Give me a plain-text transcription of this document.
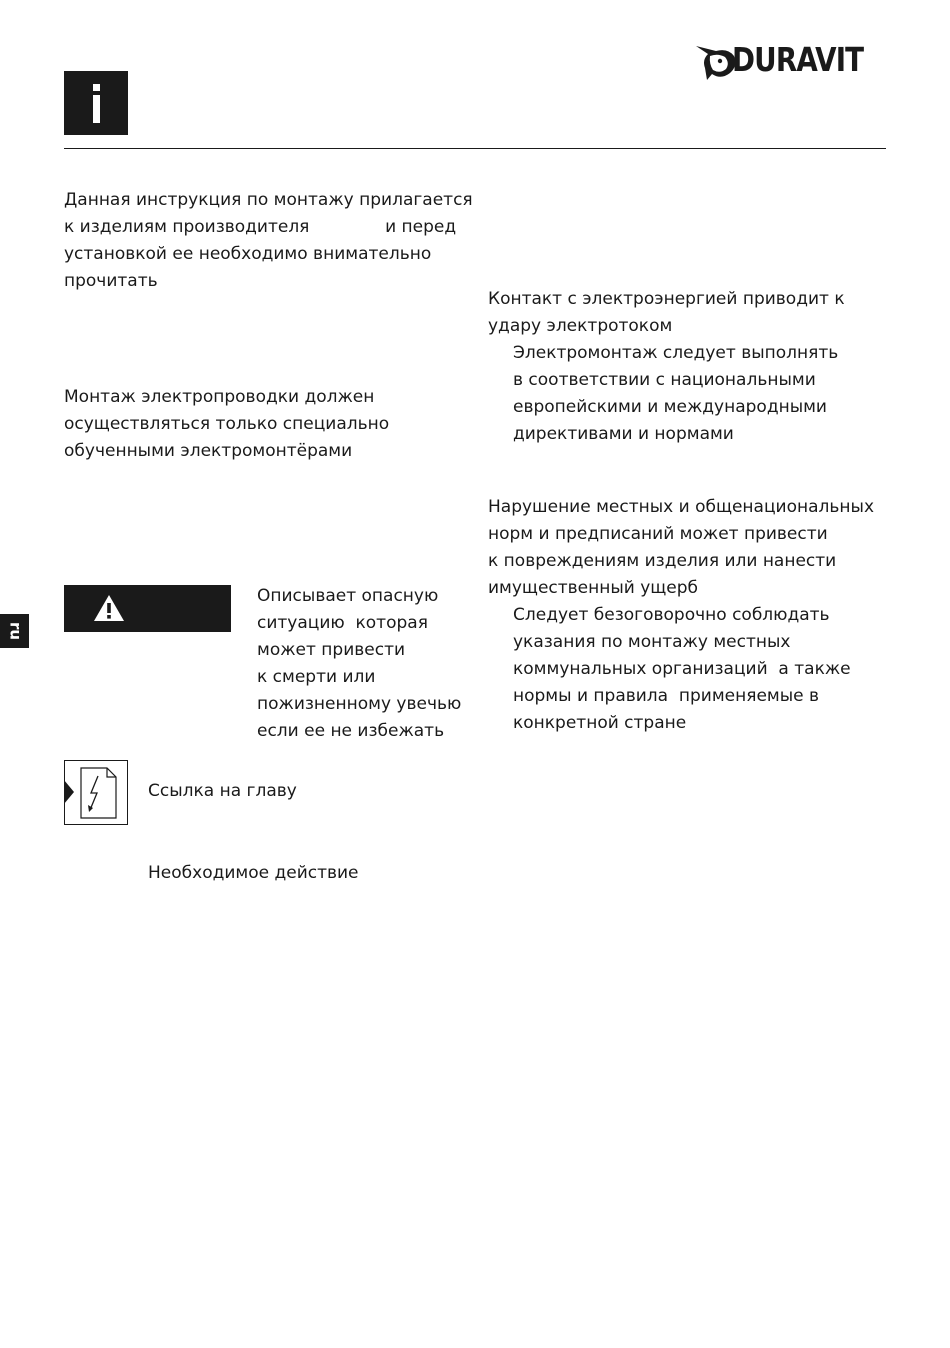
DURAVIT
ru
Данная инструкция по монтажу прилагается
к изделиям производителя              и перед
установкой ее необходимо внимательно
прочитать
Монтаж электропроводки должен
осуществляться только специально
обученными электромонтёрами
Описывает опасную
ситуацию  которая
может привести
к смерти или
пожизненному увечью
если ее не избежать
Ссылка на главу
Необходимое действие
Контакт с электроэнергией приводит к
удару электротоком
Электромонтаж следует выполнять
в соответствии с национальными
европейскими и международными
директивами и нормами
Нарушение местных и общенациональных
норм и предписаний может привести
к повреждениям изделия или нанести
имущественный ущерб
Следует безоговорочно соблюдать
указания по монтажу местных
коммунальных организаций  а также
нормы и правила  применяемые в
конкретной стране
